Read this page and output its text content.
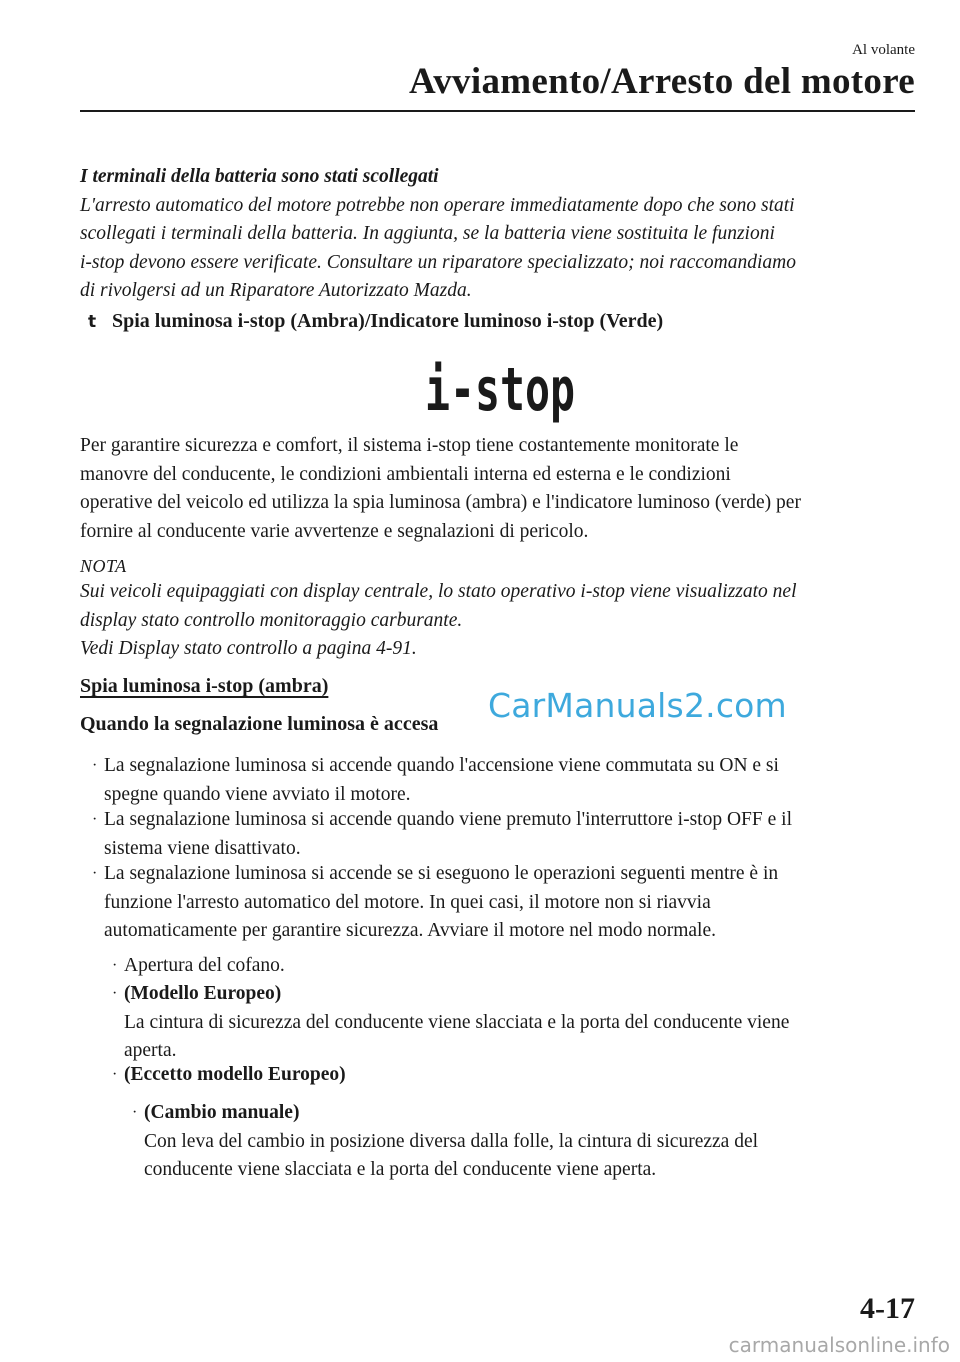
Al volante
Avviamento/Arresto del motore

I terminali della batteria sono stati scollegati

L'arresto automatico del motore potrebbe non operare immediatamente dopo che sono stati

scollegati i terminali della batteria. In aggiunta, se la batteria viene sostituita le funzioni

i-stop devono essere verificate. Consultare un riparatore specializzato; noi raccomandiamo

di rivolgersi ad un Riparatore Autorizzato Mazda.

t Spia luminosa i-stop (Ambra)/Indicatore luminoso i-stop (Verde)
i-stop

Per garantire sicurezza e comfort, il sistema i-stop tiene costantemente monitorate le

manovre del conducente, le condizioni ambientali interna ed esterna e le condizioni

operative del veicolo ed utilizza la spia luminosa (ambra) e l'indicatore luminoso (verde) per

fornire al conducente varie avvertenze e segnalazioni di pericolo.

NOTA

Sui veicoli equipaggiati con display centrale, lo stato operativo i-stop viene visualizzato nel

display stato controllo monitoraggio carburante.

Vedi Display stato controllo a pagina 4-91.

Spia luminosa i-stop (ambra)
Quando la segnalazione luminosa è accesa CarManuals2.com
· La segnalazione luminosa si accende quando l'accensione viene commutata su ON e si
spegne quando viene avviato il motore.
· La segnalazione luminosa si accende quando viene premuto l'interruttore i-stop OFF e il
sistema viene disattivato.
· La segnalazione luminosa si accende se si eseguono le operazioni seguenti mentre è in
funzione l'arresto automatico del motore. In quei casi, il motore non si riavvia
automaticamente per garantire sicurezza. Avviare il motore nel modo normale.
· Apertura del cofano.
· (Modello Europeo)
La cintura di sicurezza del conducente viene slacciata e la porta del conducente viene
aperta.
· (Eccetto modello Europeo)
· (Cambio manuale)
Con leva del cambio in posizione diversa dalla folle, la cintura di sicurezza del
conducente viene slacciata e la porta del conducente viene aperta.
4-17
carmanualsonline.info
